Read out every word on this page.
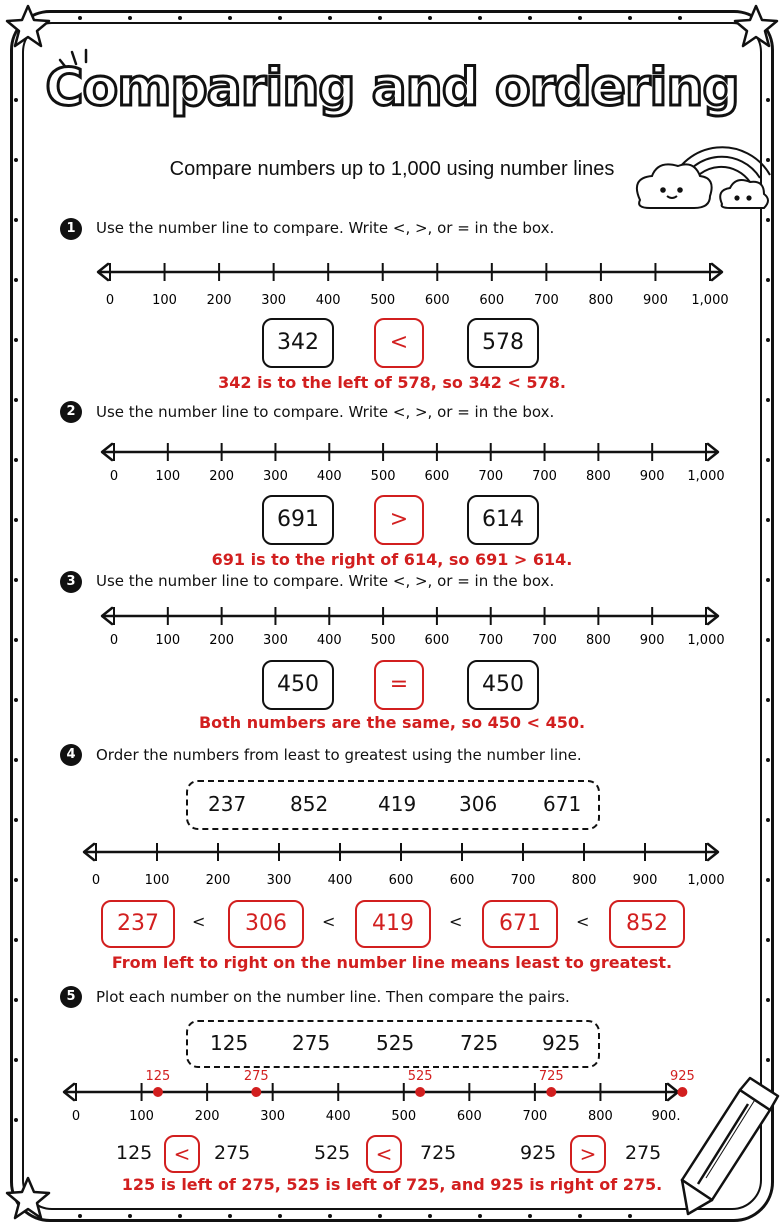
Comparing and ordering
Compare numbers up to 1,000 using number lines
1	Use the number line to compare. Write <, >, or = in the box.
0	100 200 300 400 500 600 600 700 800 900 1,000
342	<	578
342 is to the left of 578, so 342 < 578.
2	Use the number line to compare. Write <, >, or = in the box.
0	100 200 300 400 500 600 700 700 800 900 1,000
691	>	614
691 is to the right of 614, so 691 > 614.
3	Use the number line to compare. Write <, >, or = in the box.
0	100 200 300 400 500 600 700 700 800 900 1,000
450	=	450
Both numbers are the same, so 450 < 450.
4	Order the numbers from least to greatest using the number line.
237 852 419 306 671
0	100	200	300	400	600	600	700	800	900 1,000
237	<	306	<	419	<	671	<	852
From left to right on the number line means least to greatest.
5	Plot each number on the number line. Then compare the pairs.
125 275 525 725 925
0	100	200	300	400	500	600	700	800	900.
125	275	525	725	925
125	<	275	525	<	725	925	>	275
125 is left of 275, 525 is left of 725, and 925 is right of 275.
